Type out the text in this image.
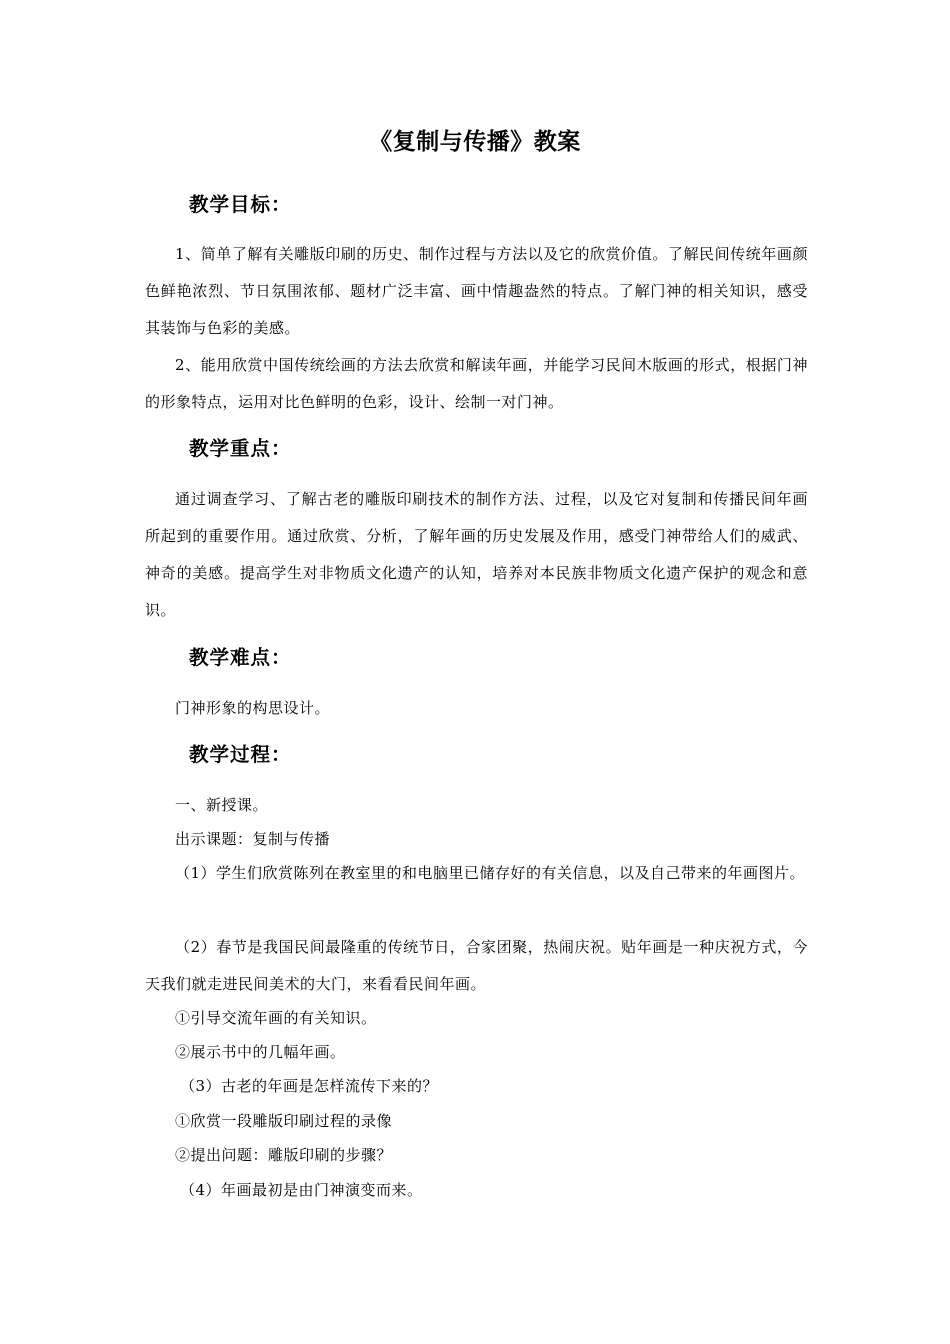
《复制与传播》教案
教学目标：

1、简单了解有关雕版印刷的历史、制作过程与方法以及它的欣赏价值。了解民间传统年画颜色鲜艳浓烈、节日氛围浓郁、题材广泛丰富、画中情趣盎然的特点。了解门神的相关知识，感受其装饰与色彩的美感。

2、能用欣赏中国传统绘画的方法去欣赏和解读年画，并能学习民间木版画的形式，根据门神的形象特点，运用对比色鲜明的色彩，设计、绘制一对门神。

教学重点：

通过调查学习、了解古老的雕版印刷技术的制作方法、过程，以及它对复制和传播民间年画所起到的重要作用。通过欣赏、分析，了解年画的历史发展及作用，感受门神带给人们的威武、神奇的美感。提高学生对非物质文化遗产的认知，培养对本民族非物质文化遗产保护的观念和意识。

教学难点：

门神形象的构思设计。

教学过程：

一、新授课。

出示课题：复制与传播

（1）学生们欣赏陈列在教室里的和电脑里已储存好的有关信息，以及自己带来的年画图片。

（2）春节是我国民间最隆重的传统节日，合家团聚，热闹庆祝。贴年画是一种庆祝方式，今天我们就走进民间美术的大门，来看看民间年画。

①引导交流年画的有关知识。

②展示书中的几幅年画。

（3）古老的年画是怎样流传下来的？

①欣赏一段雕版印刷过程的录像

②提出问题：雕版印刷的步骤？

（4）年画最初是由门神演变而来。
